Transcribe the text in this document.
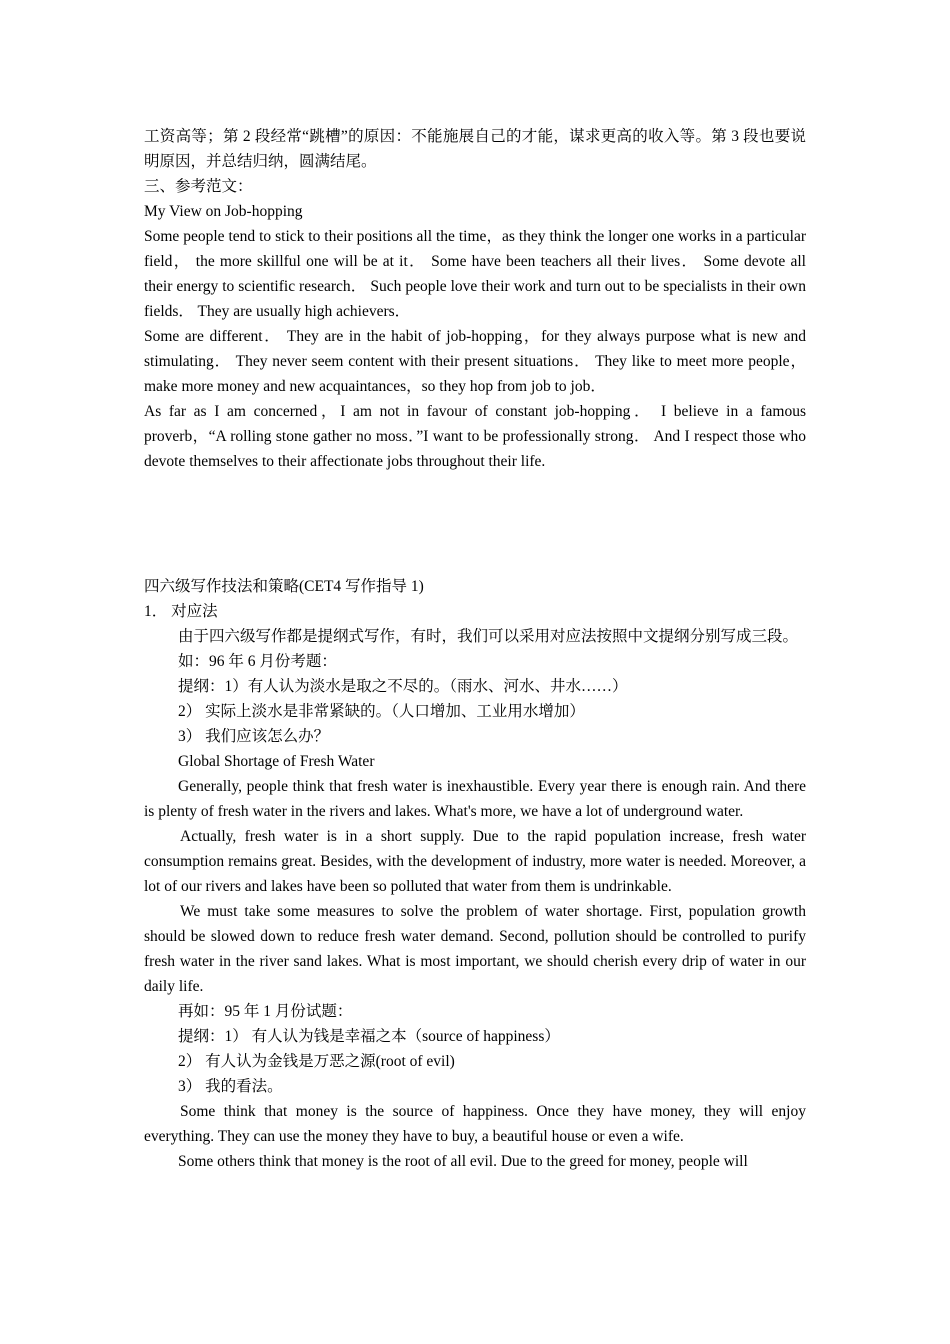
工资高等；第 2 段经常“跳槽”的原因：不能施展自己的才能，谋求更高的收入等。第 3 段也要说明原因，并总结归纳，圆满结尾。

三、参考范文：

My View on Job-hopping

Some people tend to stick to their positions all the time，as they think the longer one works in a particular field， the more skillful one will be at it． Some have been teachers all their lives． Some devote all their energy to scientific research． Such people love their work and turn out to be specialists in their own fields． They are usually high achievers．

Some are different． They are in the habit of job-hopping，for they always purpose what is new and stimulating． They never seem content with their present situations． They like to meet more people，make more money and new acquaintances，so they hop from job to job．

As far as I am concerned，I am not in favour of constant job-hopping． I believe in a famous proverb，“A rolling stone gather no moss．”I want to be professionally strong． And I respect those who devote themselves to their affectionate jobs throughout their life.

四六级写作技法和策略(CET4 写作指导 1)

1． 对应法

由于四六级写作都是提纲式写作，有时，我们可以采用对应法按照中文提纲分别写成三段。

如：96 年 6 月份考题：

提纲：1）有人认为淡水是取之不尽的。（雨水、河水、井水……）

2） 实际上淡水是非常紧缺的。（人口增加、工业用水增加）

3） 我们应该怎么办？

Global Shortage of Fresh Water

Generally, people think that fresh water is inexhaustible. Every year there is enough rain. And there is plenty of fresh water in the rivers and lakes. What's more, we have a lot of underground water.

Actually, fresh water is in a short supply. Due to the rapid population increase, fresh water consumption remains great. Besides, with the development of industry, more water is needed. Moreover, a lot of our rivers and lakes have been so polluted that water from them is undrinkable.

We must take some measures to solve the problem of water shortage. First, population growth should be slowed down to reduce fresh water demand. Second, pollution should be controlled to purify fresh water in the river sand lakes. What is most important, we should cherish every drip of water in our daily life.

再如：95 年 1 月份试题：

提纲：1） 有人认为钱是幸福之本（source of happiness）

2） 有人认为金钱是万恶之源(root of evil)

3） 我的看法。

Some think that money is the source of happiness. Once they have money, they will enjoy everything. They can use the money they have to buy, a beautiful house or even a wife.

Some others think that money is the root of all evil. Due to the greed for money, people will
